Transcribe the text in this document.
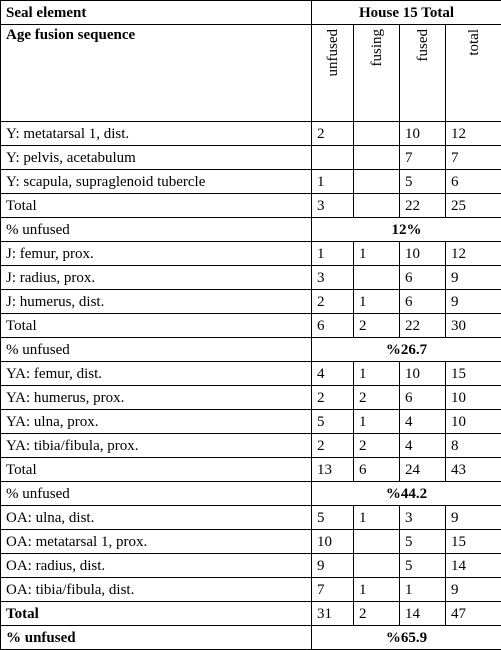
Seal element	House 15 Total			
Age fusion sequence	unfused	fusing	fused	total
Y: metatarsal 1, dist.	2		10	12
Y: pelvis, acetabulum			7	7
Y: scapula, supraglenoid tubercle	1		5	6
Total	3		22	25
% unfused	12%			
J: femur, prox.	1	1	10	12
J: radius, prox.	3		6	9
J: humerus, dist.	2	1	6	9
Total	6	2	22	30
% unfused	%26.7			
YA: femur, dist.	4	1	10	15
YA: humerus, prox.	2	2	6	10
YA: ulna, prox.	5	1	4	10
YA: tibia/fibula, prox.	2	2	4	8
Total	13	6	24	43
% unfused	%44.2			
OA: ulna, dist.	5	1	3	9
OA: metatarsal 1, prox.	10		5	15
OA: radius, dist.	9		5	14
OA: tibia/fibula, dist.	7	1	1	9
Total	31	2	14	47
% unfused	%65.9			
